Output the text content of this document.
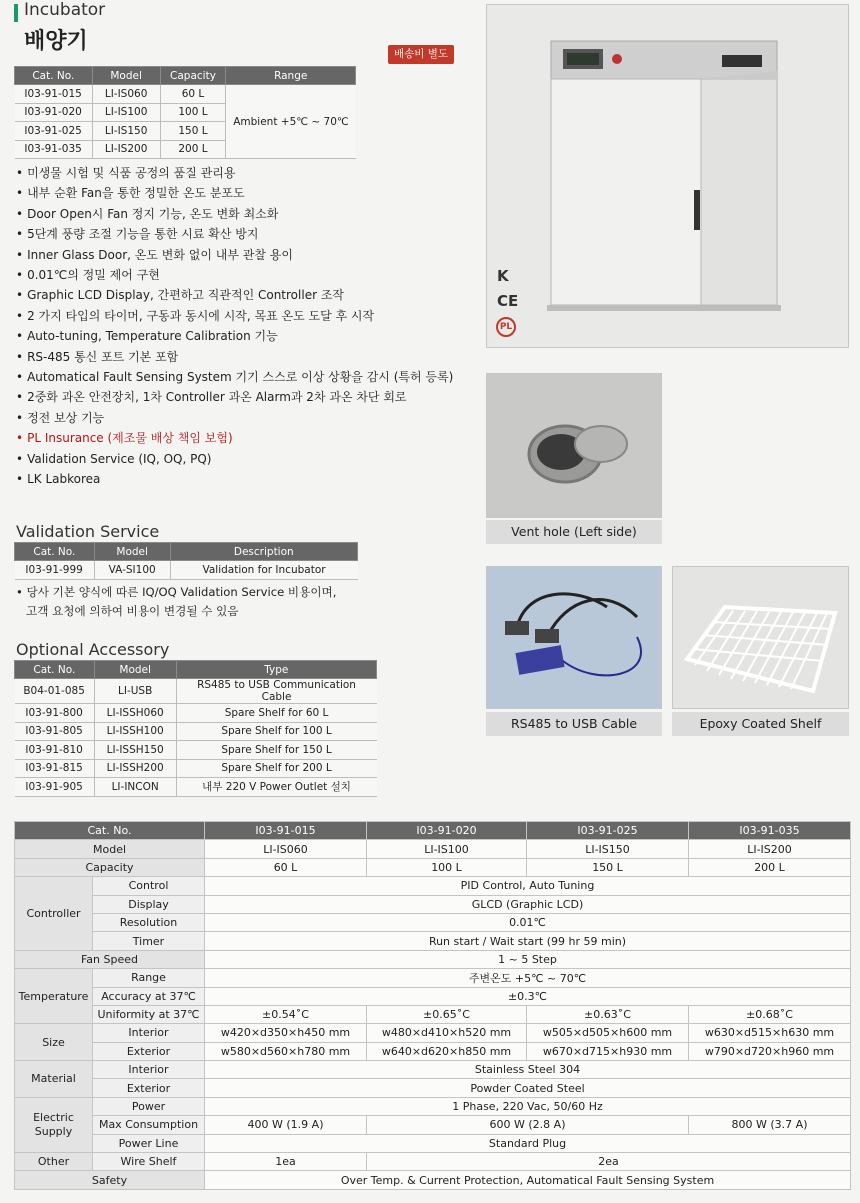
Incubator
배양기	배송비 별도
Cat. No.	Model	Capacity	Range
I03-91-015	LI-IS060	60 L	Ambient +5℃ ~ 70℃
I03-91-020	LI-IS100	100 L	
I03-91-025	LI-IS150	150 L	
I03-91-035	LI-IS200	200 L	
• 미생물 시험 및 식품 공정의 품질 관리용
• 내부 순환 Fan을 통한 정밀한 온도 분포도
• Door Open시 Fan 정지 기능, 온도 변화 최소화
• 5단계 풍량 조절 기능을 통한 시료 확산 방지
• Inner Glass Door, 온도 변화 없이 내부 관찰 용이
• 0.01℃의 정밀 제어 구현
• Graphic LCD Display, 간편하고 직관적인 Controller 조작
• 2 가지 타입의 타이머, 구동과 동시에 시작, 목표 온도 도달 후 시작
• Auto-tuning, Temperature Calibration 기능
• RS-485 통신 포트 기본 포함
• Automatical Fault Sensing System 기기 스스로 이상 상황을 감시 (특허 등록)
• 2중화 과온 안전장치, 1차 Controller 과온 Alarm과 2차 과온 차단 회로
• 정전 보상 기능
• PL Insurance (제조물 배상 책임 보험)
• Validation Service (IQ, OQ, PQ)
• LK Labkorea
Validation Service
Cat. No.	Model	Description
I03-91-999	VA-SI100	Validation for Incubator
• 당사 기본 양식에 따른 IQ/OQ Validation Service 비용이며,
고객 요청에 의하여 비용이 변경될 수 있음
Optional Accessory
Cat. No.	Model	Type
B04-01-085	LI-USB	RS485 to USB Communication Cable
I03-91-800	LI-ISSH060	Spare Shelf for 60 L
I03-91-805	LI-ISSH100	Spare Shelf for 100 L
I03-91-810	LI-ISSH150	Spare Shelf for 150 L
I03-91-815	LI-ISSH200	Spare Shelf for 200 L
I03-91-905	LI-INCON	내부 220 V Power Outlet 설치
K
CE
PL
Vent hole (Left side)
RS485 to USB Cable	Epoxy Coated Shelf
Cat. No.		I03-91-015	I03-91-020	I03-91-025	I03-91-035
Model		LI-IS060	LI-IS100	LI-IS150	LI-IS200
Capacity		60 L	100 L	150 L	200 L
Controller	Control	PID Control, Auto Tuning			
	Display	GLCD (Graphic LCD)			
	Resolution	0.01℃			
	Timer	Run start / Wait start (99 hr 59 min)			
Fan Speed		1 ~ 5 Step			
Temperature	Range	주변온도 +5℃ ~ 70℃			
	Accuracy at 37℃	±0.3℃			
	Uniformity at 37℃	±0.54˚C	±0.65˚C	±0.63˚C	±0.68˚C
Size	Interior	w420×d350×h450 mm	w480×d410×h520 mm	w505×d505×h600 mm	w630×d515×h630 mm
	Exterior	w580×d560×h780 mm	w640×d620×h850 mm	w670×d715×h930 mm	w790×d720×h960 mm
Material	Interior	Stainless Steel 304			
	Exterior	Powder Coated Steel			

Electric
Supply	Power	1 Phase, 220 Vac, 50/60 Hz			
	Max Consumption	400 W (1.9 A)	600 W (2.8 A)		800 W (3.7 A)
	Power Line	Standard Plug			
Other	Wire Shelf	1ea	2ea		
Safety		Over Temp. & Current Protection, Automatical Fault Sensing System			
